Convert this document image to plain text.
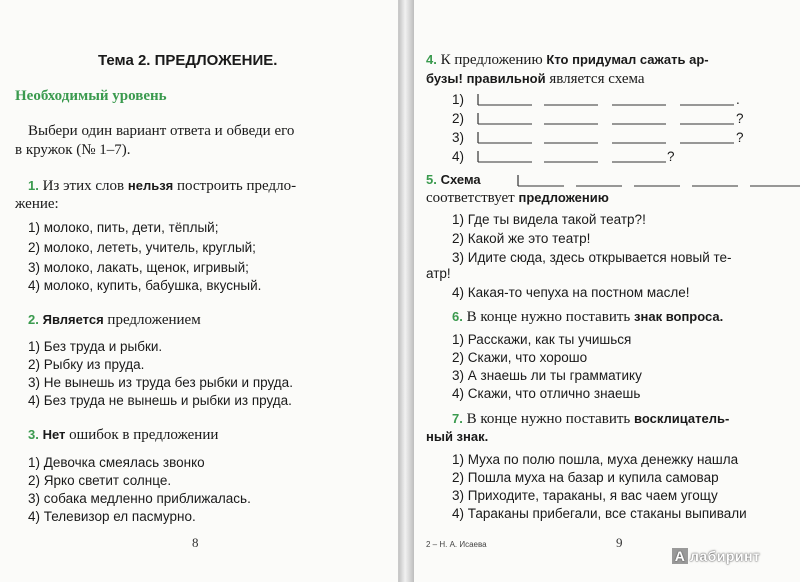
Тема 2. ПРЕДЛОЖЕНИЕ.
Необходимый уровень
Выбери один вариант ответа и обведи его
в кружок (№ 1–7).
1. Из этих слов нельзя построить предло-
жение:
1) молоко, пить, дети, тёплый;
2) молоко, лететь, учитель, круглый;
3) молоко, лакать, щенок, игривый;
4) молоко, купить, бабушка, вкусный.
2. Является предложением
1) Без труда и рыбки.
2) Рыбку из пруда.
3) Не вынешь из труда без рыбки и пруда.
4) Без труда не вынешь и рыбки из пруда.
3. Нет ошибок в предложении
1) Девочка смеялась звонко
2) Ярко светит солнце.
3) собака медленно приближалась.
4) Телевизор ел пасмурно.
8
4. К предложению Кто придумал сажать ар-
бузы! правильной является схема
1)
2)
3)
4)
.
?
?
?
5. Схема
соответствует предложению
1) Где ты видела такой театр?!
2) Какой же это театр!
3) Идите сюда, здесь открывается новый те-
атр!
4) Какая-то чепуха на постном масле!
6. В конце нужно поставить знак вопроса.
1) Расскажи, как ты учишься
2) Скажи, что хорошо
3) А знаешь ли ты грамматику
4) Скажи, что отлично знаешь
7. В конце нужно поставить восклицатель-
ный знак.
1) Муха по полю пошла, муха денежку нашла
2) Пошла муха на базар и купила самовар
3) Приходите, тараканы, я вас чаем угощу
4) Тараканы прибегали, все стаканы выпивали
2 – Н. А. Исаева	9
A лабиринт
